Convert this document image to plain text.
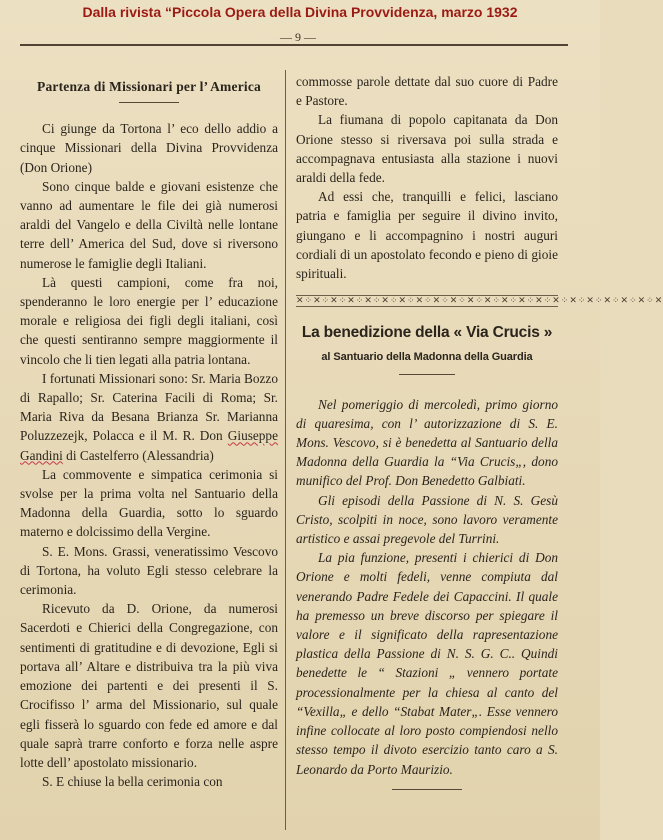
Dalla rivista “Piccola Opera della Divina Provvidenza, marzo 1932
— 9 —
Partenza di Missionari per l’ America

Ci giunge da Tortona l’ eco dello addio a cinque Missionari della Divina Provvidenza (Don Orione)

Sono cinque balde e giovani esistenze che vanno ad aumentare le file dei già numerosi araldi del Vangelo e della Civiltà nelle lontane terre dell’ America del Sud, dove si riversono numerose le famiglie degli Italiani.

Là questi campioni, come fra noi, spenderanno le loro energie per l’ educazione morale e religiosa dei figli degli italiani, così che questi sentiranno sempre maggiormente il vincolo che li tien legati alla patria lontana.

I fortunati Missionari sono: Sr. Maria Bozzo di Rapallo; Sr. Caterina Facili di Roma; Sr. Maria Riva da Besana Brianza Sr. Marianna Poluzzezejk, Polacca e il M. R. Don Giuseppe Gandini di Castelferro (Alessandria)

La commovente e simpatica cerimonia si svolse per la prima volta nel Santuario della Madonna della Guardia, sotto lo sguardo materno e dolcissimo della Vergine.

S. E. Mons. Grassi, veneratissimo Vescovo di Tortona, ha voluto Egli stesso celebrare la cerimonia.

Ricevuto da D. Orione, da numerosi Sacerdoti e Chierici della Congregazione, con sentimenti di gratitudine e di devozione, Egli si portava all’ Altare e distribuiva tra la più viva emozione dei partenti e dei presenti il S. Crocifisso l’ arma del Missionario, sul quale egli fisserà lo sguardo con fede ed amore e dal quale saprà trarre conforto e forza nelle aspre lotte dell’ apostolato missionario.

S. E chiuse la bella cerimonia con

commosse parole dettate dal suo cuore di Padre e Pastore.

La fiumana di popolo capitanata da Don Orione stesso si riversava poi sulla strada e accompagnava entusiasta alla stazione i nuovi araldi della fede.

Ad essi che, tranquilli e felici, lasciano patria e famiglia per seguire il divino invito, giungano e li accompagnino i nostri auguri cordiali di un apostolato fecondo e pieno di gioie spirituali.

✕⁘✕⁘✕⁘✕⁘✕⁘✕⁘✕⁘✕⁘✕⁘✕⁘✕⁘✕⁘✕⁘✕⁘✕⁘✕⁘✕⁘✕⁘✕⁘✕⁘✕⁘✕
La benedizione della « Via Crucis »
al Santuario della Madonna della Guardia

Nel pomeriggio di mercoledì, primo giorno di quaresima, con l’ autorizzazione di S. E. Mons. Vescovo, si è benedetta al Santuario della Madonna della Guardia la “Via Crucis„, dono munifico del Prof. Don Benedetto Galbiati.

Gli episodi della Passione di N. S. Gesù Cristo, scolpiti in noce, sono lavoro veramente artistico e assai pregevole del Turrini.

La pia funzione, presenti i chierici di Don Orione e molti fedeli, venne compiuta dal venerando Padre Fedele dei Capaccini. Il quale ha premesso un breve discorso per spiegare il valore e il significato della rapresentazione plastica della Passione di N. S. G. C.. Quindi benedette le “ Stazioni „ vennero portate processionalmente per la chiesa al canto del “Vexilla„ e dello “Stabat Mater„. Esse vennero infine collocate al loro posto compiendosi nello stesso tempo il divoto esercizio tanto caro a S. Leonardo da Porto Maurizio.
